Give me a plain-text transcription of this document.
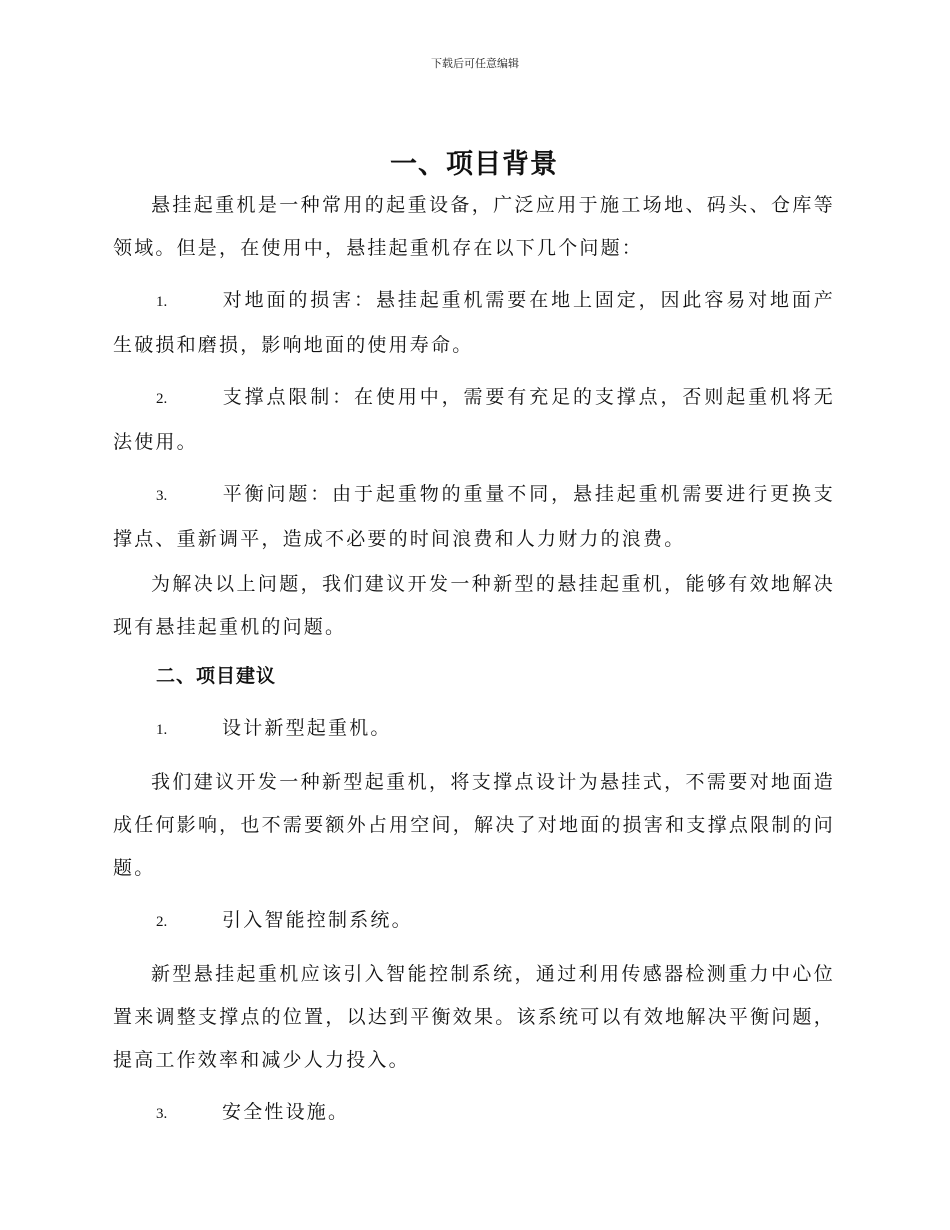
下载后可任意编辑
一、项目背景

悬挂起重机是一种常用的起重设备，广泛应用于施工场地、码头、仓库等领域。但是，在使用中，悬挂起重机存在以下几个问题：

1.	对地面的损害：悬挂起重机需要在地上固定，因此容易对地面产生破损和磨损，影响地面的使用寿命。

2.	支撑点限制：在使用中，需要有充足的支撑点，否则起重机将无法使用。

3.	平衡问题：由于起重物的重量不同，悬挂起重机需要进行更换支撑点、重新调平，造成不必要的时间浪费和人力财力的浪费。

为解决以上问题，我们建议开发一种新型的悬挂起重机，能够有效地解决现有悬挂起重机的问题。

二、项目建议

1.	设计新型起重机。

我们建议开发一种新型起重机，将支撑点设计为悬挂式，不需要对地面造成任何影响，也不需要额外占用空间，解决了对地面的损害和支撑点限制的问题。

2.	引入智能控制系统。

新型悬挂起重机应该引入智能控制系统，通过利用传感器检测重力中心位置来调整支撑点的位置，以达到平衡效果。该系统可以有效地解决平衡问题，提高工作效率和减少人力投入。

3.	安全性设施。
